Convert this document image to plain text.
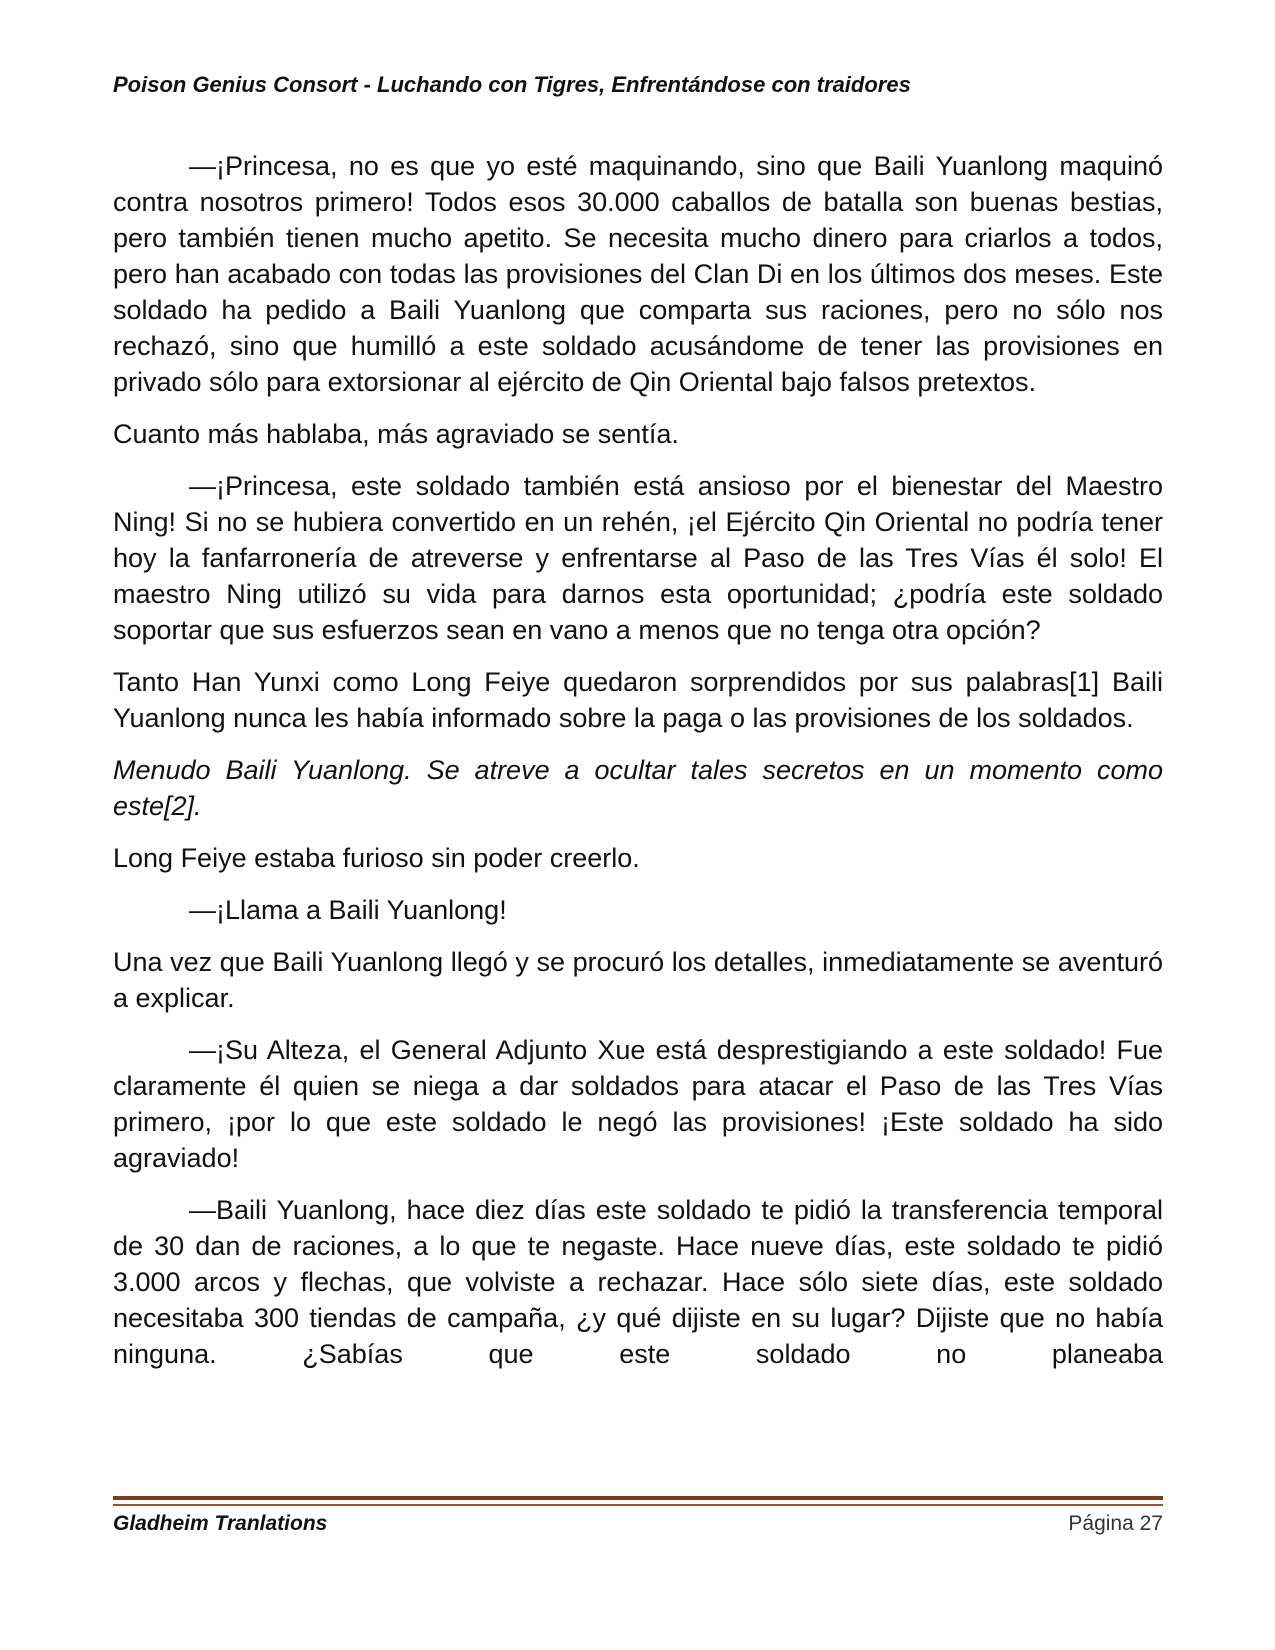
Poison Genius Consort - Luchando con Tigres, Enfrentándose con traidores

—¡Princesa, no es que yo esté maquinando, sino que Baili Yuanlong maquinó contra nosotros primero! Todos esos 30.000 caballos de batalla son buenas bestias, pero también tienen mucho apetito. Se necesita mucho dinero para criarlos a todos, pero han acabado con todas las provisiones del Clan Di en los últimos dos meses. Este soldado ha pedido a Baili Yuanlong que comparta sus raciones, pero no sólo nos rechazó, sino que humilló a este soldado acusándome de tener las provisiones en privado sólo para extorsionar al ejército de Qin Oriental bajo falsos pretextos.

Cuanto más hablaba, más agraviado se sentía.

—¡Princesa, este soldado también está ansioso por el bienestar del Maestro Ning! Si no se hubiera convertido en un rehén, ¡el Ejército Qin Oriental no podría tener hoy la fanfarronería de atreverse y enfrentarse al Paso de las Tres Vías él solo! El maestro Ning utilizó su vida para darnos esta oportunidad; ¿podría este soldado soportar que sus esfuerzos sean en vano a menos que no tenga otra opción?

Tanto Han Yunxi como Long Feiye quedaron sorprendidos por sus palabras[1] Baili Yuanlong nunca les había informado sobre la paga o las provisiones de los soldados.

Menudo Baili Yuanlong. Se atreve a ocultar tales secretos en un momento como este[2].

Long Feiye estaba furioso sin poder creerlo.

—¡Llama a Baili Yuanlong!

Una vez que Baili Yuanlong llegó y se procuró los detalles, inmediatamente se aventuró a explicar.

—¡Su Alteza, el General Adjunto Xue está desprestigiando a este soldado! Fue claramente él quien se niega a dar soldados para atacar el Paso de las Tres Vías primero, ¡por lo que este soldado le negó las provisiones! ¡Este soldado ha sido agraviado!

—Baili Yuanlong, hace diez días este soldado te pidió la transferencia temporal de 30 dan de raciones, a lo que te negaste. Hace nueve días, este soldado te pidió 3.000 arcos y flechas, que volviste a rechazar. Hace sólo siete días, este soldado necesitaba 300 tiendas de campaña, ¿y qué dijiste en su lugar? Dijiste que no había ninguna. ¿Sabías que este soldado no planeaba

Gladheim Tranlations	Página 27
